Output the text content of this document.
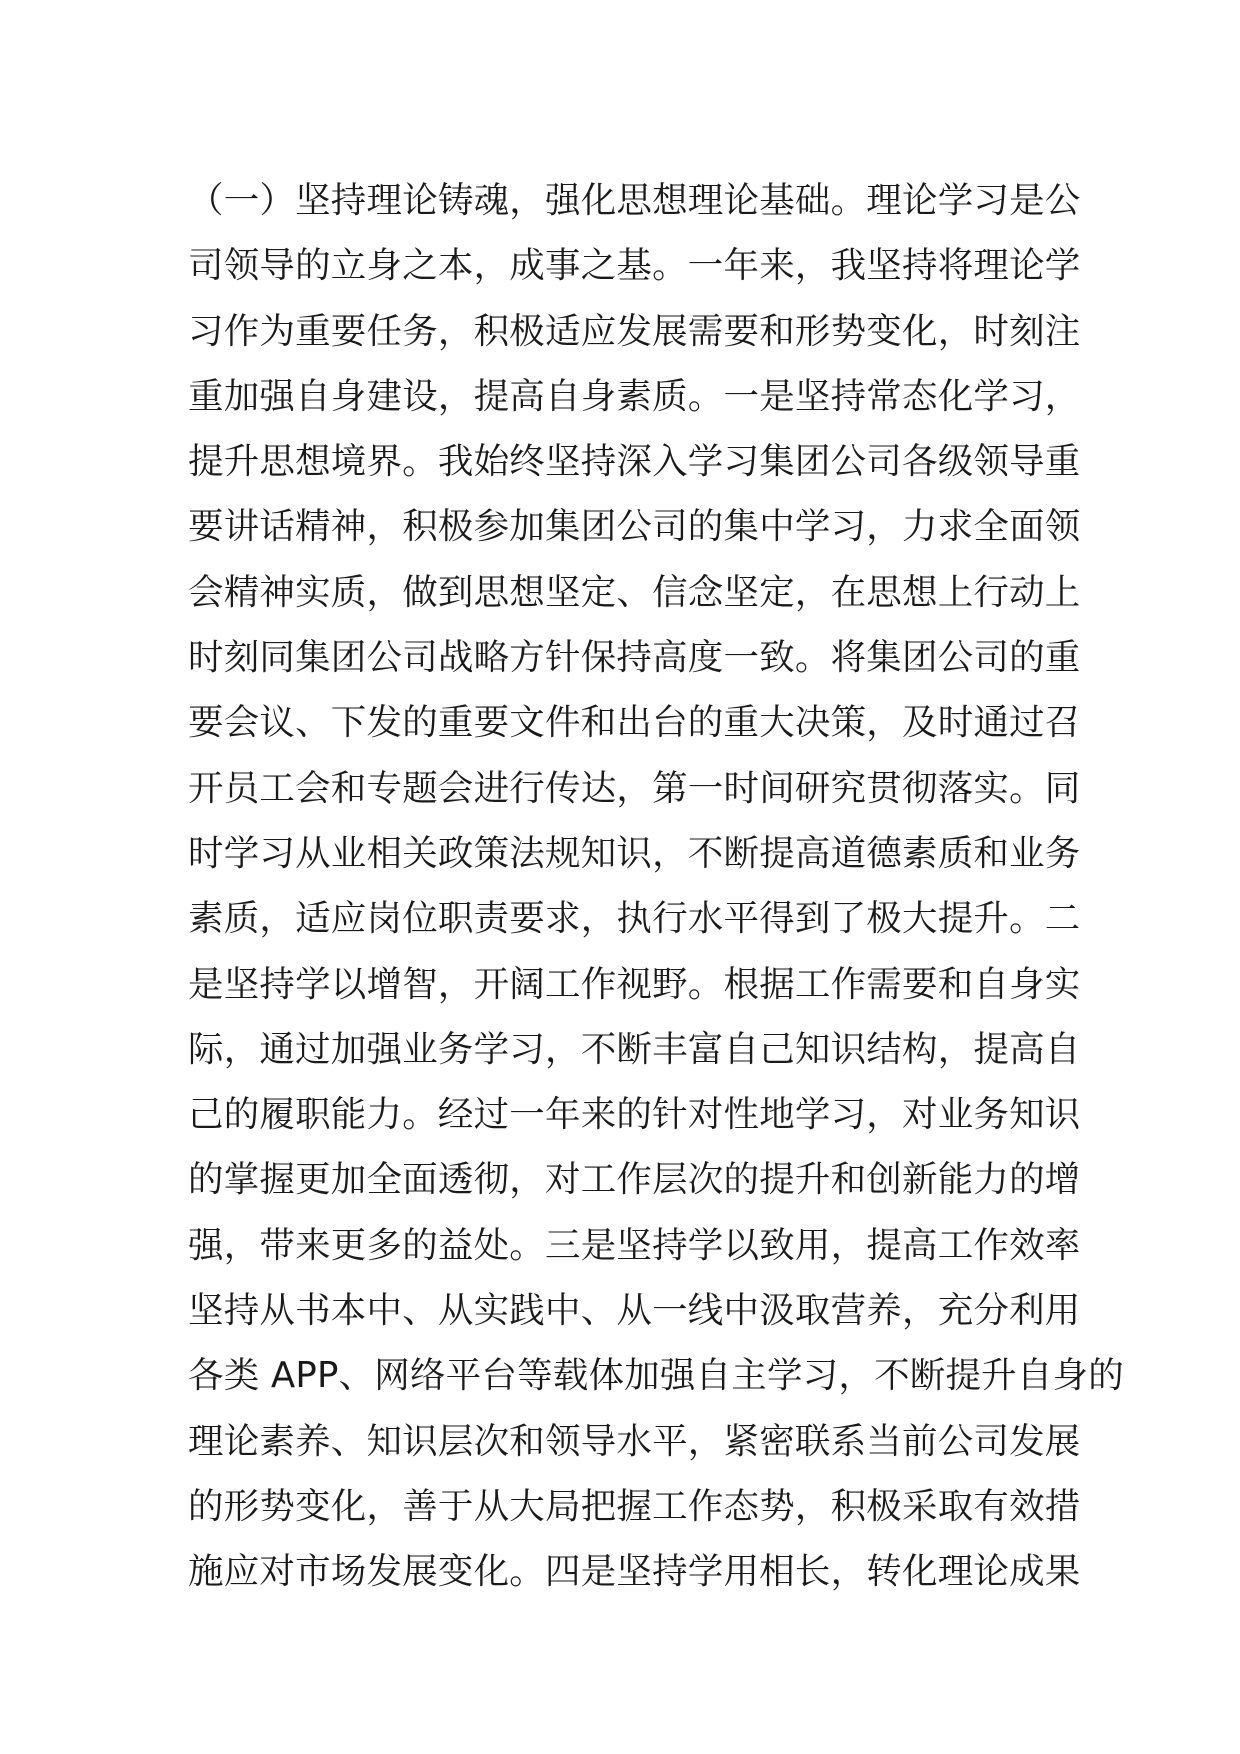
（一）坚持理论铸魂，强化思想理论基础。理论学习是公
司领导的立身之本，成事之基。一年来，我坚持将理论学
习作为重要任务，积极适应发展需要和形势变化，时刻注
重加强自身建设，提高自身素质。一是坚持常态化学习，
提升思想境界。我始终坚持深入学习集团公司各级领导重
要讲话精神，积极参加集团公司的集中学习，力求全面领
会精神实质，做到思想坚定、信念坚定，在思想上行动上
时刻同集团公司战略方针保持高度一致。将集团公司的重
要会议、下发的重要文件和出台的重大决策，及时通过召
开员工会和专题会进行传达，第一时间研究贯彻落实。同
时学习从业相关政策法规知识，不断提高道德素质和业务
素质，适应岗位职责要求，执行水平得到了极大提升。二
是坚持学以增智，开阔工作视野。根据工作需要和自身实
际，通过加强业务学习，不断丰富自己知识结构，提高自
己的履职能力。经过一年来的针对性地学习，对业务知识
的掌握更加全面透彻，对工作层次的提升和创新能力的增
强，带来更多的益处。三是坚持学以致用，提高工作效率
坚持从书本中、从实践中、从一线中汲取营养，充分利用
各类 APP、网络平台等载体加强自主学习，不断提升自身的
理论素养、知识层次和领导水平，紧密联系当前公司发展
的形势变化，善于从大局把握工作态势，积极采取有效措
施应对市场发展变化。四是坚持学用相长，转化理论成果
